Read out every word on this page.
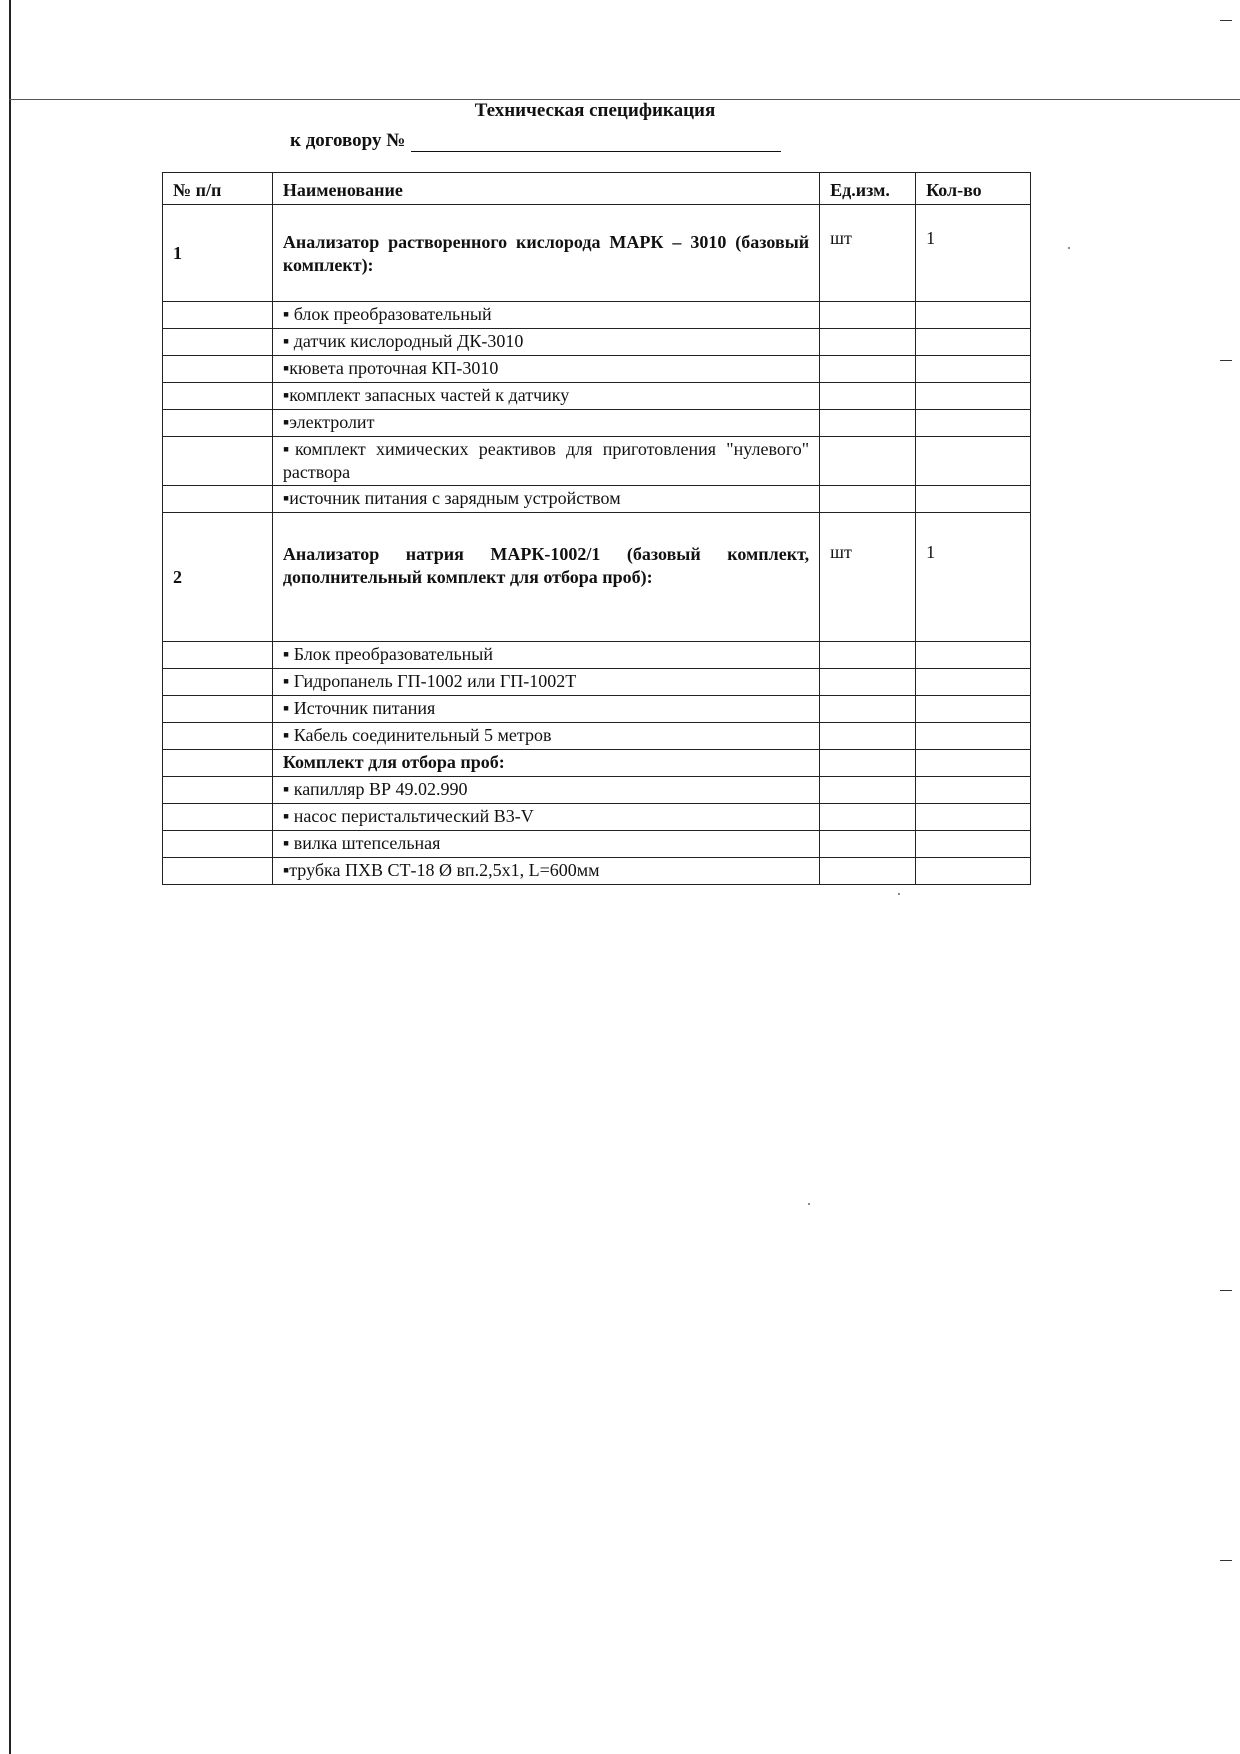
Техническая спецификация
к договору №
№ п/п	Наименование	Ед.изм.	Кол-во
1	Анализатор растворенного кислорода МАРК – 3010 (базовый комплект):	шт	1
	▪ блок преобразовательный		
	▪ датчик кислородный ДК-3010		
	▪кювета проточная КП-3010		
	▪комплект запасных частей к датчику		
	▪электролит		
	▪комплект химических реактивов для приготовления "нулевого" раствора		
	▪источник питания с зарядным устройством		
2	Анализатор натрия МАРК-1002/1 (базовый комплект, дополнительный комплект для отбора проб):	шт	1
	▪ Блок преобразовательный		
	▪ Гидропанель ГП-1002 или ГП-1002Т		
	▪ Источник питания		
	▪ Кабель соединительный 5 метров		
	Комплект для отбора проб:		
	▪ капилляр ВР 49.02.990		
	▪ насос перистальтический В3-V		
	▪ вилка штепсельная		
	▪трубка ПХВ СТ-18 Ø вп.2,5х1, L=600мм		
